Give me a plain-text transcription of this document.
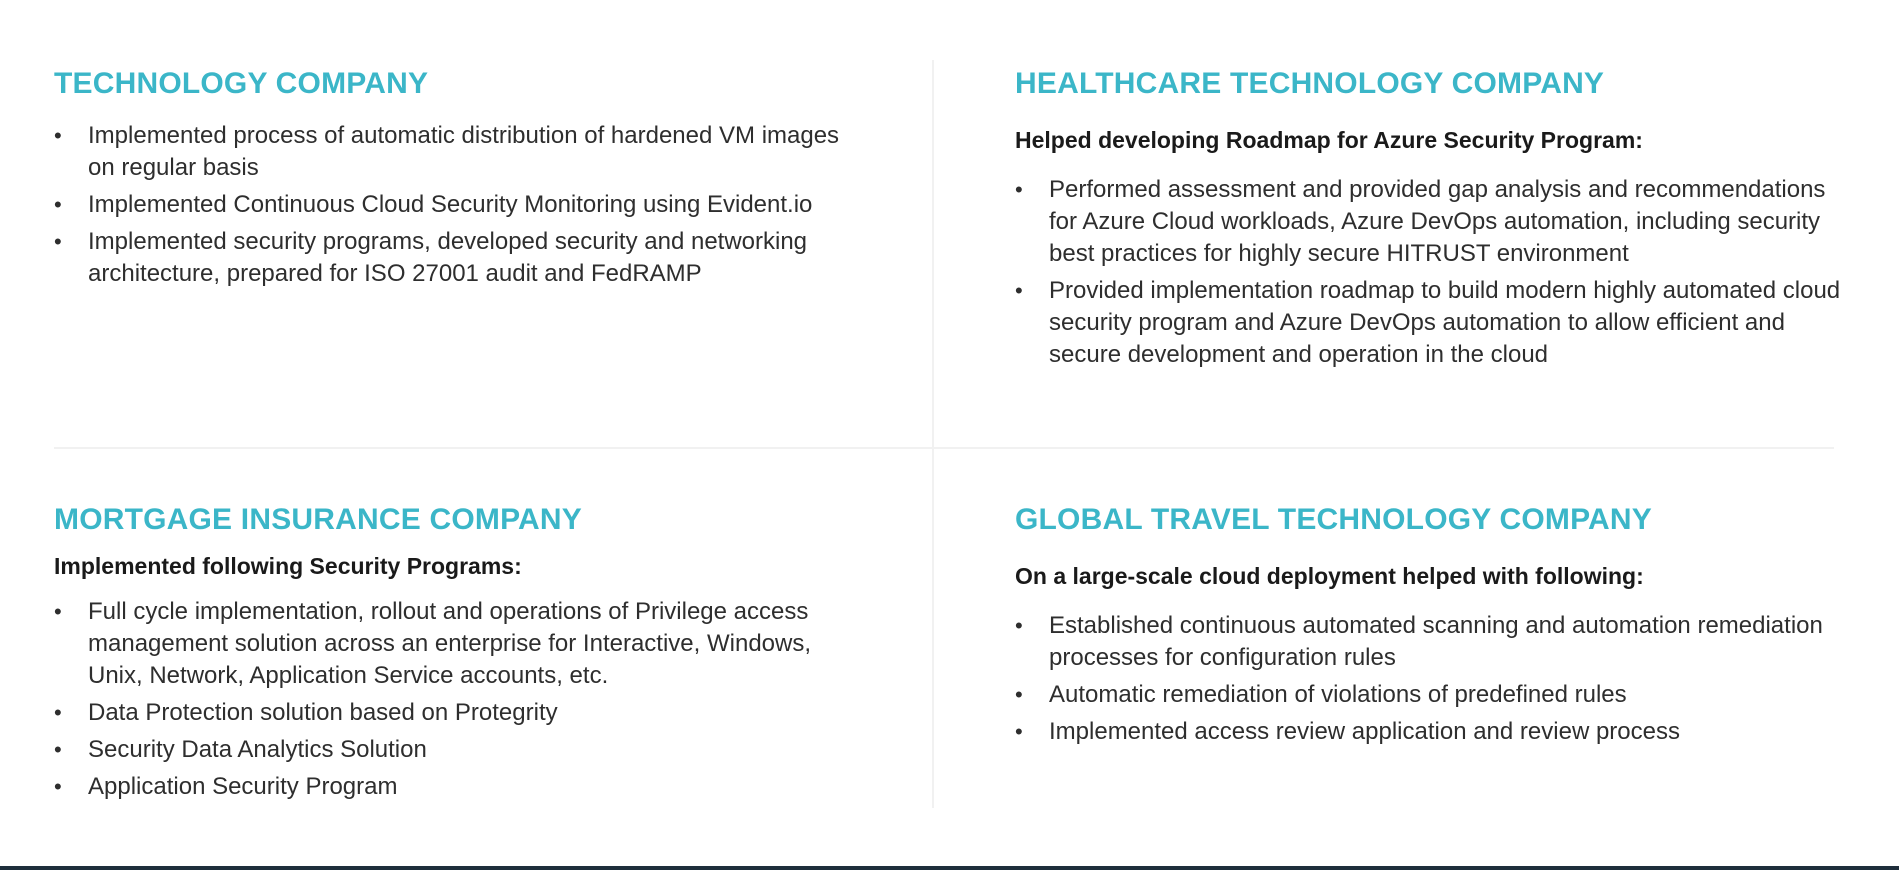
TECHNOLOGY COMPANY
• Implemented process of automatic distribution of hardened VM images on regular basis
• Implemented Continuous Cloud Security Monitoring using Evident.io
• Implemented security programs, developed security and networking architecture, prepared for ISO 27001 audit and FedRAMP
HEALTHCARE TECHNOLOGY COMPANY

Helped developing Roadmap for Azure Security Program:

• Performed assessment and provided gap analysis and recommendations for Azure Cloud workloads, Azure DevOps automation, including security best practices for highly secure HITRUST environment
• Provided implementation roadmap to build modern highly automated cloud security program and Azure DevOps automation to allow efficient and secure development and operation in the cloud
MORTGAGE INSURANCE COMPANY

Implemented following Security Programs:

• Full cycle implementation, rollout and operations of Privilege access management solution across an enterprise for Interactive, Windows, Unix, Network, Application Service accounts, etc.
• Data Protection solution based on Protegrity
• Security Data Analytics Solution
• Application Security Program
GLOBAL TRAVEL TECHNOLOGY COMPANY

On a large-scale cloud deployment helped with following:

• Established continuous automated scanning and automation remediation processes for configuration rules
• Automatic remediation of violations of predefined rules
• Implemented access review application and review process
